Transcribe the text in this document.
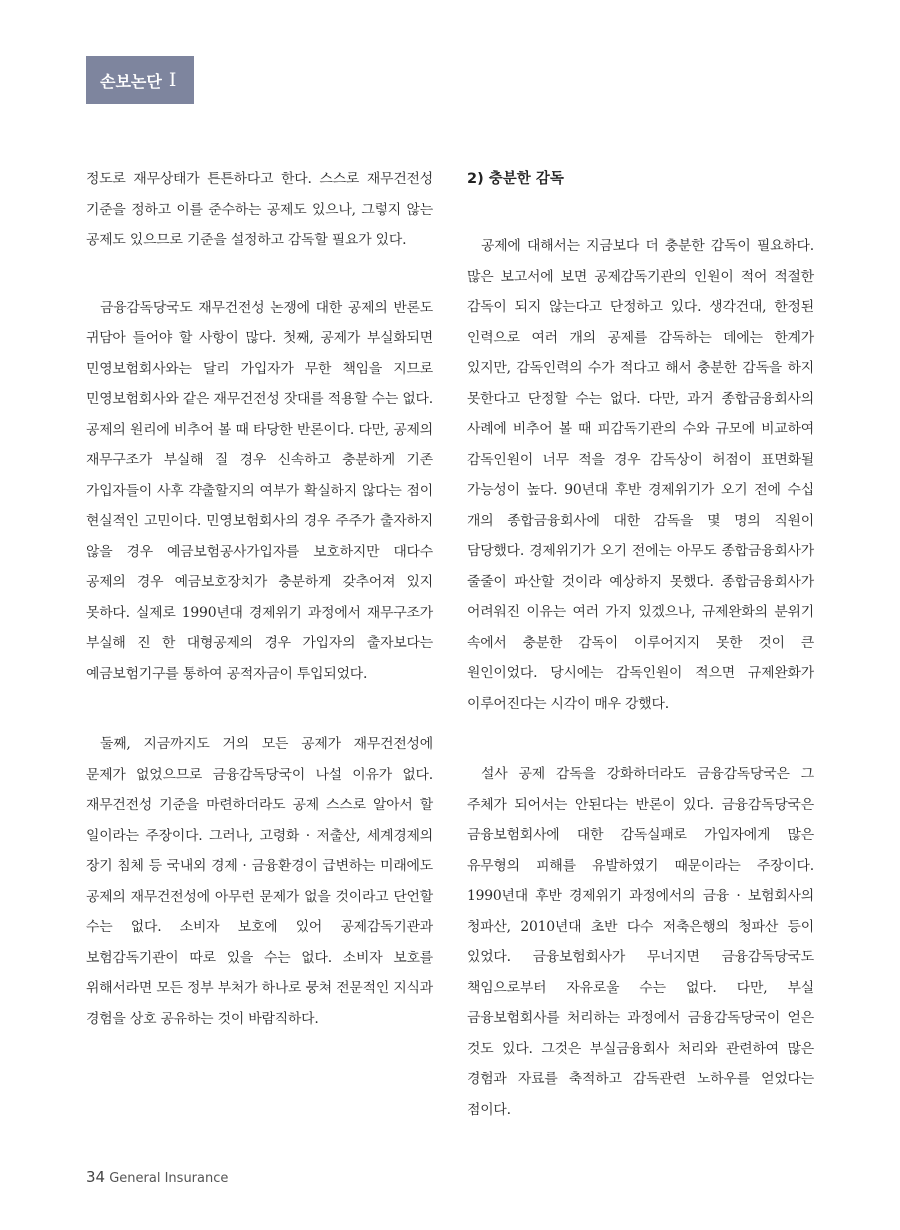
손보논단 Ⅰ

정도로 재무상태가 튼튼하다고 한다. 스스로 재무건전성 기준을 정하고 이를 준수하는 공제도 있으나, 그렇지 않는 공제도 있으므로 기준을 설정하고 감독할 필요가 있다.

금융감독당국도 재무건전성 논쟁에 대한 공제의 반론도 귀담아 들어야 할 사항이 많다. 첫째, 공제가 부실화되면 민영보험회사와는 달리 가입자가 무한 책임을 지므로 민영보험회사와 같은 재무건전성 잣대를 적용할 수는 없다. 공제의 원리에 비추어 볼 때 타당한 반론이다. 다만, 공제의 재무구조가 부실해 질 경우 신속하고 충분하게 기존 가입자들이 사후 갹출할지의 여부가 확실하지 않다는 점이 현실적인 고민이다. 민영보험회사의 경우 주주가 출자하지 않을 경우 예금보험공사가입자를 보호하지만 대다수 공제의 경우 예금보호장치가 충분하게 갖추어져 있지 못하다. 실제로 1990년대 경제위기 과정에서 재무구조가 부실해 진 한 대형공제의 경우 가입자의 출자보다는 예금보험기구를 통하여 공적자금이 투입되었다.

둘째, 지금까지도 거의 모든 공제가 재무건전성에 문제가 없었으므로 금융감독당국이 나설 이유가 없다. 재무건전성 기준을 마련하더라도 공제 스스로 알아서 할 일이라는 주장이다. 그러나, 고령화 · 저출산, 세계경제의 장기 침체 등 국내외 경제 · 금융환경이 급변하는 미래에도 공제의 재무건전성에 아무런 문제가 없을 것이라고 단언할 수는 없다. 소비자 보호에 있어 공제감독기관과 보험감독기관이 따로 있을 수는 없다. 소비자 보호를 위해서라면 모든 정부 부처가 하나로 뭉쳐 전문적인 지식과 경험을 상호 공유하는 것이 바람직하다.

2) 충분한 감독

공제에 대해서는 지금보다 더 충분한 감독이 필요하다. 많은 보고서에 보면 공제감독기관의 인원이 적어 적절한 감독이 되지 않는다고 단정하고 있다. 생각건대, 한정된 인력으로 여러 개의 공제를 감독하는 데에는 한계가 있지만, 감독인력의 수가 적다고 해서 충분한 감독을 하지 못한다고 단정할 수는 없다. 다만, 과거 종합금융회사의 사례에 비추어 볼 때 피감독기관의 수와 규모에 비교하여 감독인원이 너무 적을 경우 감독상이 허점이 표면화될 가능성이 높다. 90년대 후반 경제위기가 오기 전에 수십 개의 종합금융회사에 대한 감독을 몇 명의 직원이 담당했다. 경제위기가 오기 전에는 아무도 종합금융회사가 줄줄이 파산할 것이라 예상하지 못했다. 종합금융회사가 어려워진 이유는 여러 가지 있겠으나, 규제완화의 분위기 속에서 충분한 감독이 이루어지지 못한 것이 큰 원인이었다. 당시에는 감독인원이 적으면 규제완화가 이루어진다는 시각이 매우 강했다.

설사 공제 감독을 강화하더라도 금융감독당국은 그 주체가 되어서는 안된다는 반론이 있다. 금융감독당국은 금융보험회사에 대한 감독실패로 가입자에게 많은 유무형의 피해를 유발하였기 때문이라는 주장이다. 1990년대 후반 경제위기 과정에서의 금융 · 보험회사의 청파산, 2010년대 초반 다수 저축은행의 청파산 등이 있었다. 금융보험회사가 무너지면 금융감독당국도 책임으로부터 자유로울 수는 없다. 다만, 부실 금융보험회사를 처리하는 과정에서 금융감독당국이 얻은 것도 있다. 그것은 부실금융회사 처리와 관련하여 많은 경험과 자료를 축적하고 감독관련 노하우를 얻었다는 점이다.

34 General Insurance
